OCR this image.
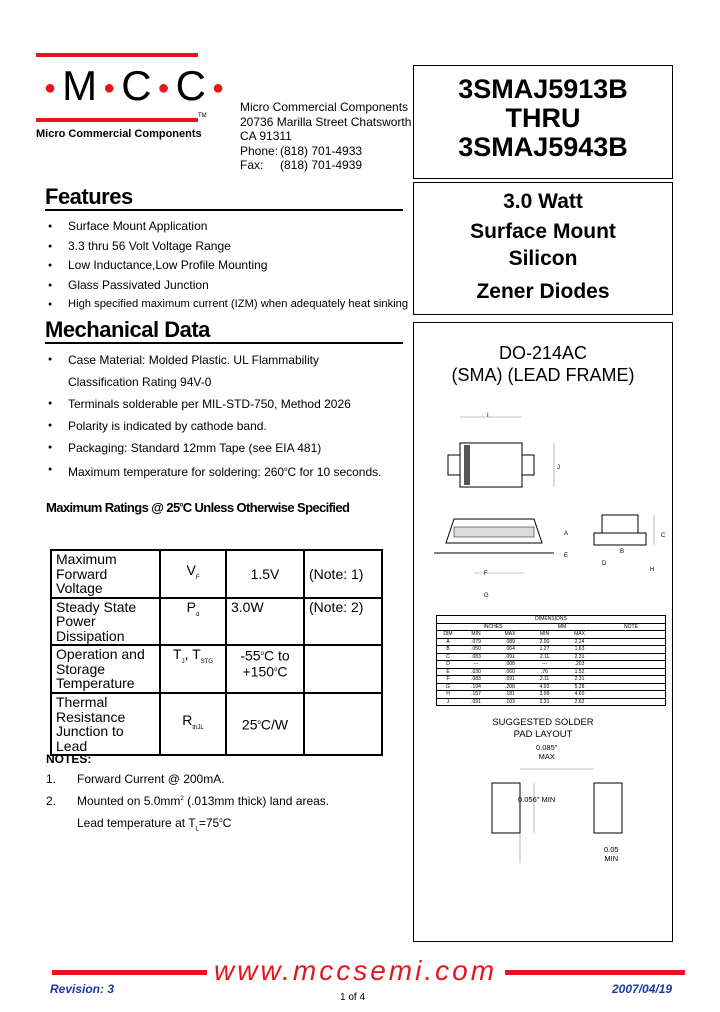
●M ●C ●C ●
TM
Micro Commercial Components
Micro Commercial Components
20736 Marilla Street Chatsworth
CA 91311
Phone: (818) 701-4933
Fax: (818) 701-4939
3SMAJ5913B
THRU
3SMAJ5943B
3.0 Watt
Surface Mount
Silicon
Zener Diodes
Features
● Surface Mount Application
● 3.3 thru 56 Volt Voltage Range
● Low Inductance,Low Profile Mounting
● Glass Passivated Junction
● High specified maximum current (IZM) when adequately heat sinking
Mechanical Data
● Case Material: Molded Plastic. UL Flammability
Classification Rating 94V-0
● Terminals solderable per MIL-STD-750, Method 2026
● Polarity is indicated by cathode band.
● Packaging: Standard 12mm Tape (see EIA 481)
● Maximum temperature for soldering: 260$^o$C for 10 seconds.
Maximum Ratings @ 25$^o$C Unless Otherwise Specified
Maximum
Forward
Voltage	$V_F$	1.5V	(Note: 1)
Steady State
Power
Dissipation	$P_d$	3.0W	(Note: 2)
Operation and
Storage
Temperature	$T_J$, $T_{STG}$	-55$^o$C to
$+150^oC$	
Thermal
Resistance
Junction to Lead	$R_{thJL}$	25$^o$C/W	
NOTES:
1. Forward Current @ 200mA.
2. Mounted on $5.0mm^2$ (.013mm thick) land areas.
Lead temperature at $T_L=75^oC$
DO-214AC
(SMA) (LEAD FRAME)
I
J
A
E
F
G
C
D
H
B
DIMENSIONS
INCHES	MM	NOTE
DIM	MIN	MAX	MIN	MAX
A	.079	.089	2.00	2.24
B	.050	.064	1.27	1.63
C	.083	.091	2.11	2.31
D	---	.008	---	.203
E	.030	.060	.76	1.52
F	.083	.091	2.11	2.31
G	.194	.208	4.93	5.28
H	.157	.181	3.99	4.60
J	.091	.103	2.31	2.62
SUGGESTED SOLDER
PAD LAYOUT
0.085"
MAX
0.056" MIN
0.05
MIN
www.mccsemi.com
Revision: 3
1 of 4
2007/04/19
